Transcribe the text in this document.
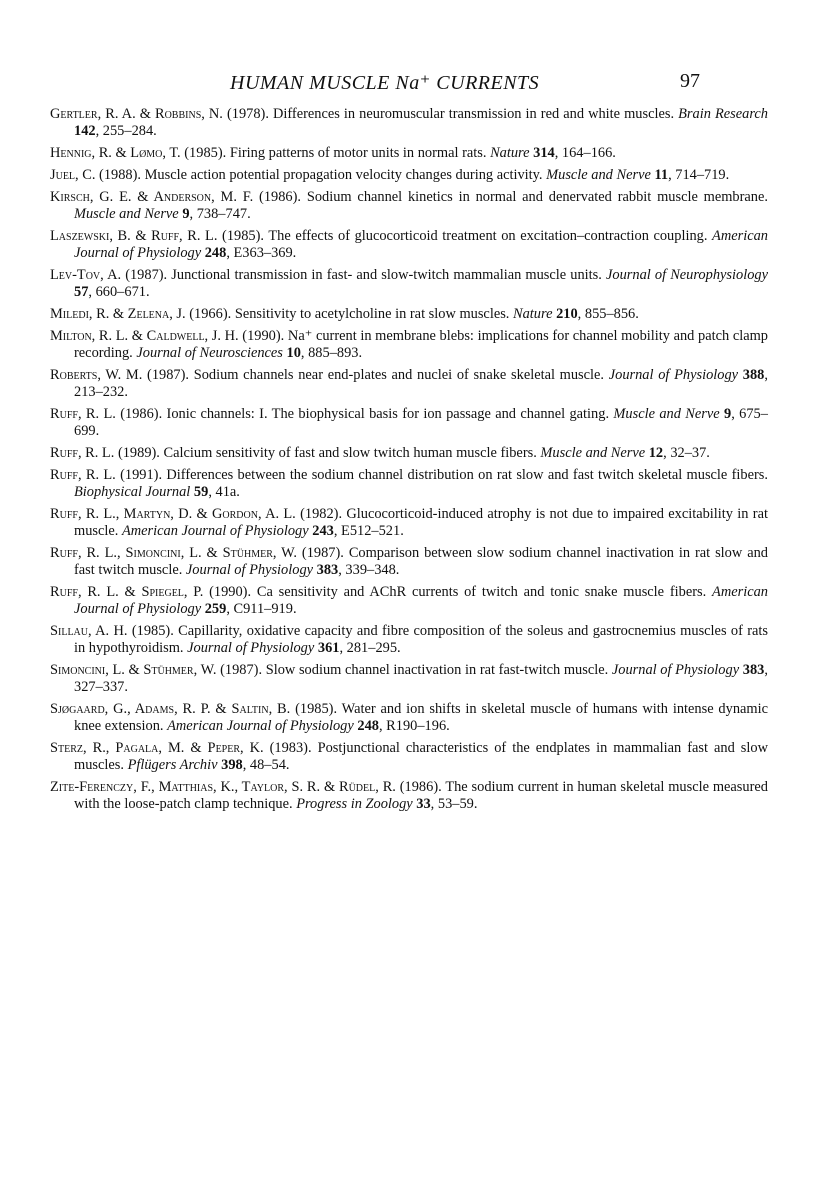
HUMAN MUSCLE Na⁺ CURRENTS	97

Gertler, R. A. & Robbins, N. (1978). Differences in neuromuscular transmission in red and white muscles. Brain Research 142, 255–284.

Hennig, R. & Lømo, T. (1985). Firing patterns of motor units in normal rats. Nature 314, 164–166.

Juel, C. (1988). Muscle action potential propagation velocity changes during activity. Muscle and Nerve 11, 714–719.

Kirsch, G. E. & Anderson, M. F. (1986). Sodium channel kinetics in normal and denervated rabbit muscle membrane. Muscle and Nerve 9, 738–747.

Laszewski, B. & Ruff, R. L. (1985). The effects of glucocorticoid treatment on excitation–contraction coupling. American Journal of Physiology 248, E363–369.

Lev-Tov, A. (1987). Junctional transmission in fast- and slow-twitch mammalian muscle units. Journal of Neurophysiology 57, 660–671.

Miledi, R. & Zelena, J. (1966). Sensitivity to acetylcholine in rat slow muscles. Nature 210, 855–856.

Milton, R. L. & Caldwell, J. H. (1990). Na⁺ current in membrane blebs: implications for channel mobility and patch clamp recording. Journal of Neurosciences 10, 885–893.

Roberts, W. M. (1987). Sodium channels near end-plates and nuclei of snake skeletal muscle. Journal of Physiology 388, 213–232.

Ruff, R. L. (1986). Ionic channels: I. The biophysical basis for ion passage and channel gating. Muscle and Nerve 9, 675–699.

Ruff, R. L. (1989). Calcium sensitivity of fast and slow twitch human muscle fibers. Muscle and Nerve 12, 32–37.

Ruff, R. L. (1991). Differences between the sodium channel distribution on rat slow and fast twitch skeletal muscle fibers. Biophysical Journal 59, 41a.

Ruff, R. L., Martyn, D. & Gordon, A. L. (1982). Glucocorticoid-induced atrophy is not due to impaired excitability in rat muscle. American Journal of Physiology 243, E512–521.

Ruff, R. L., Simoncini, L. & Stühmer, W. (1987). Comparison between slow sodium channel inactivation in rat slow and fast twitch muscle. Journal of Physiology 383, 339–348.

Ruff, R. L. & Spiegel, P. (1990). Ca sensitivity and AChR currents of twitch and tonic snake muscle fibers. American Journal of Physiology 259, C911–919.

Sillau, A. H. (1985). Capillarity, oxidative capacity and fibre composition of the soleus and gastrocnemius muscles of rats in hypothyroidism. Journal of Physiology 361, 281–295.

Simoncini, L. & Stühmer, W. (1987). Slow sodium channel inactivation in rat fast-twitch muscle. Journal of Physiology 383, 327–337.

Sjøgaard, G., Adams, R. P. & Saltin, B. (1985). Water and ion shifts in skeletal muscle of humans with intense dynamic knee extension. American Journal of Physiology 248, R190–196.

Sterz, R., Pagala, M. & Peper, K. (1983). Postjunctional characteristics of the endplates in mammalian fast and slow muscles. Pflügers Archiv 398, 48–54.

Zite-Ferenczy, F., Matthias, K., Taylor, S. R. & Rüdel, R. (1986). The sodium current in human skeletal muscle measured with the loose-patch clamp technique. Progress in Zoology 33, 53–59.
